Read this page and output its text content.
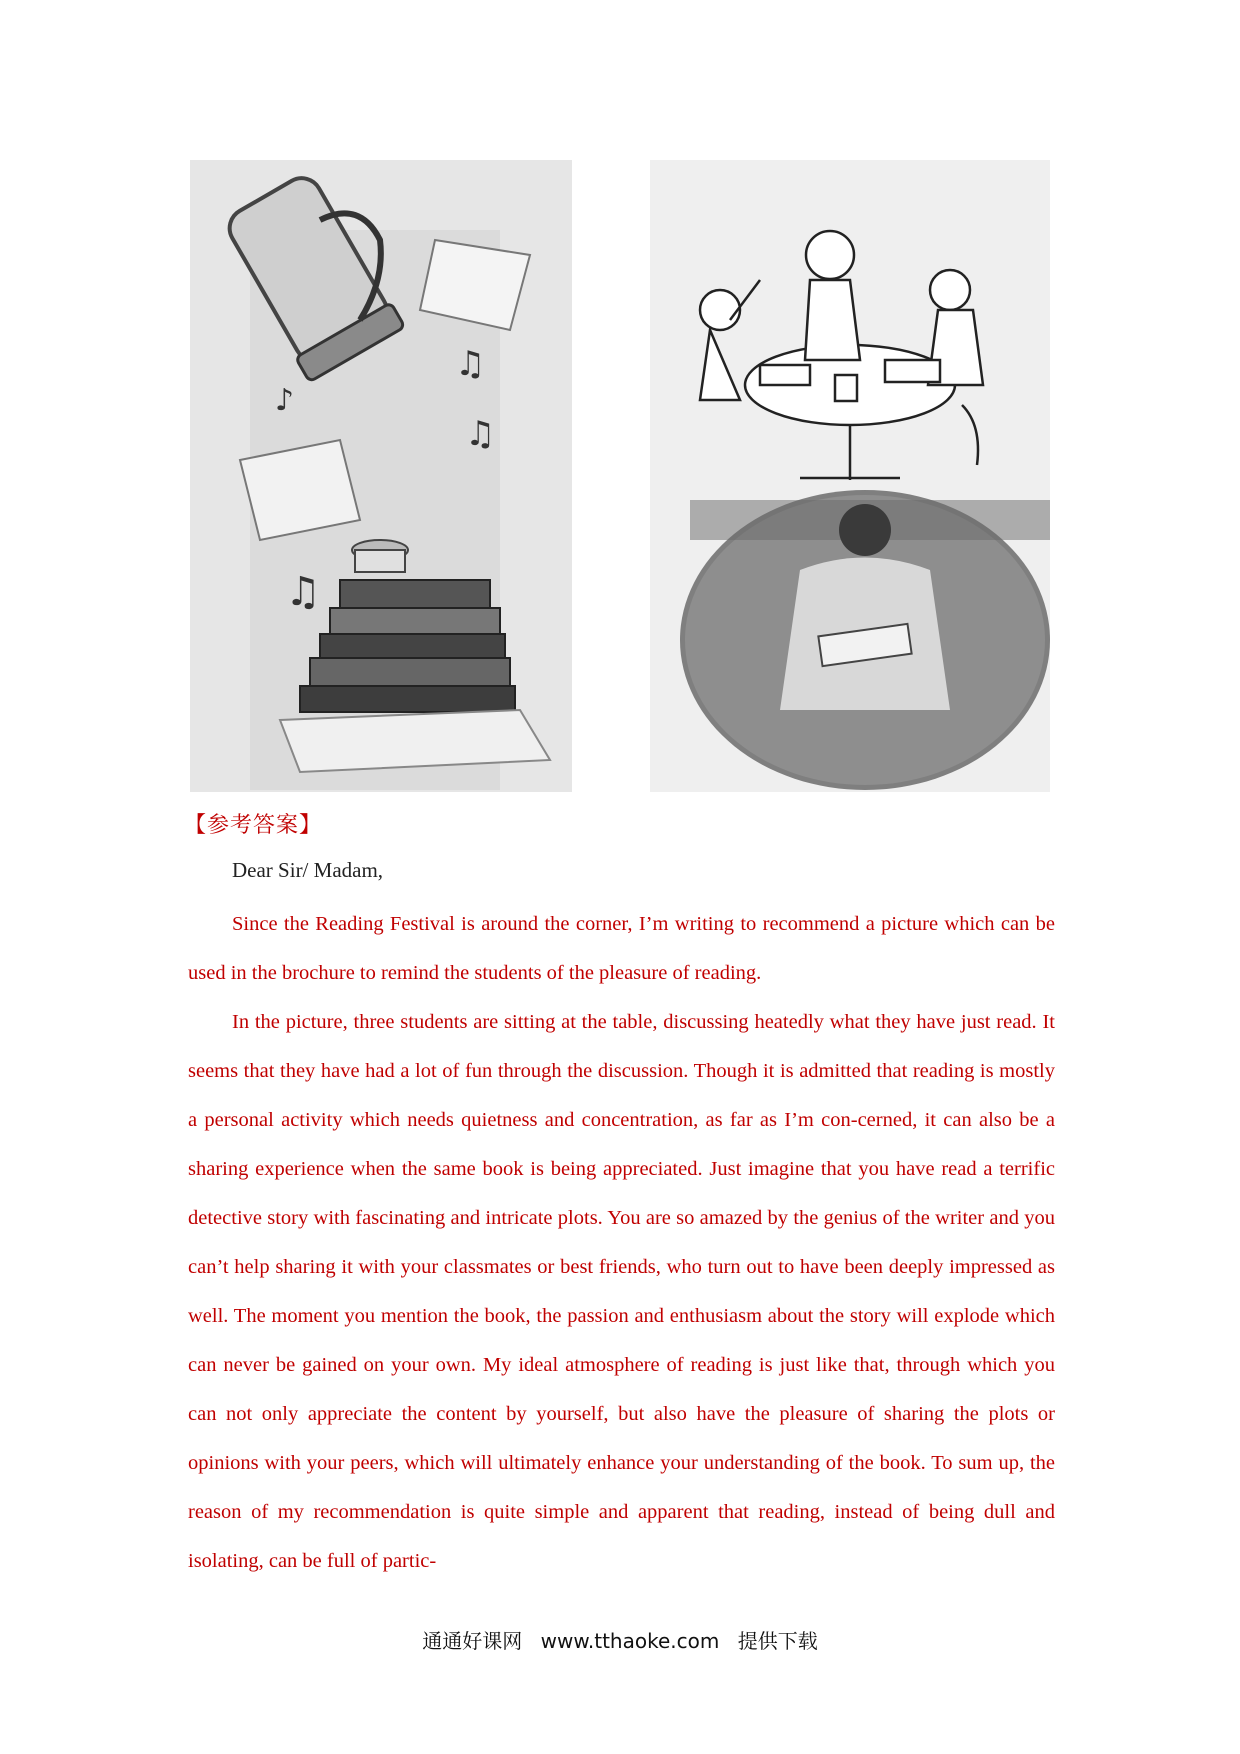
♫
♪
♫
♫
【参考答案】
Dear Sir/ Madam,

Since the Reading Festival is around the corner, I’m writing to recommend a picture which can be used in the brochure to remind the students of the pleasure of reading.

In the picture, three students are sitting at the table, discussing heatedly what they have just read. It seems that they have had a lot of fun through the discussion. Though it is admitted that reading is mostly a personal activity which needs quietness and concentration, as far as I’m con-cerned, it can also be a sharing experience when the same book is being appreciated. Just imagine that you have read a terrific detective story with fascinating and intricate plots. You are so amazed by the genius of the writer and you can’t help sharing it with your classmates or best friends, who turn out to have been deeply impressed as well. The moment you mention the book, the passion and enthusiasm about the story will explode which can never be gained on your own. My ideal atmosphere of reading is just like that, through which you can not only appreciate the content by yourself, but also have the pleasure of sharing the plots or opinions with your peers, which will ultimately enhance your understanding of the book. To sum up, the reason of my recommendation is quite simple and apparent that reading, instead of being dull and isolating, can be full of partic-

通通好课网 www.tthaoke.com 提供下载
